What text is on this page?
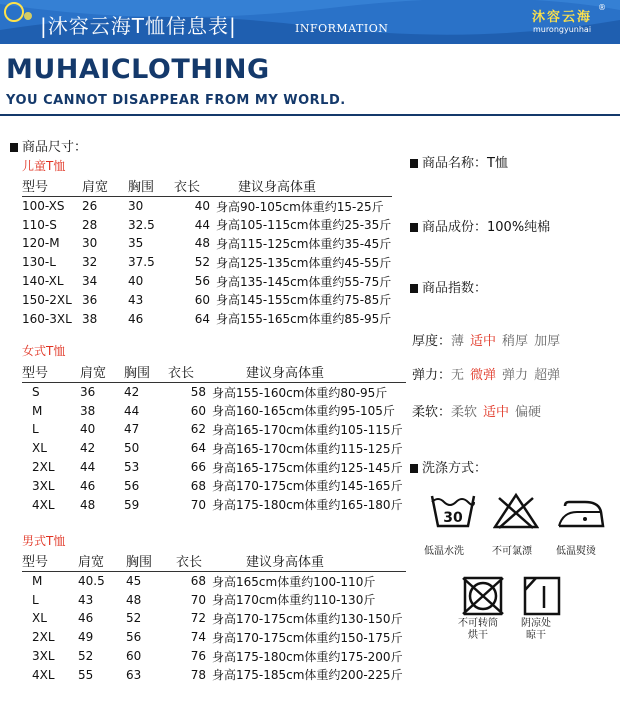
|沐容云海T恤信息表|	INFORMATION
沐容云海
murongyunhai
®
MUHAICLOTHING
YOU CANNOT DISAPPEAR FROM MY WORLD.
商品尺寸：
儿童T恤
型号	肩宽	胸围	衣长	建议身高体重
100-XS	26	30	40	身高90-105cm体重约15-25斤
110-S	28	32.5	44	身高105-115cm体重约25-35斤
120-M	30	35	48	身高115-125cm体重约35-45斤
130-L	32	37.5	52	身高125-135cm体重约45-55斤
140-XL	34	40	56	身高135-145cm体重约55-75斤
150-2XL	36	43	60	身高145-155cm体重约75-85斤
160-3XL	38	46	64	身高155-165cm体重约85-95斤
女式T恤
型号	肩宽	胸围	衣长	建议身高体重
S	36	42	58	身高155-160cm体重约80-95斤
M	38	44	60	身高160-165cm体重约95-105斤
L	40	47	62	身高165-170cm体重约105-115斤
XL	42	50	64	身高165-170cm体重约115-125斤
2XL	44	53	66	身高165-175cm体重约125-145斤
3XL	46	56	68	身高170-175cm体重约145-165斤
4XL	48	59	70	身高175-180cm体重约165-180斤
男式T恤
型号	肩宽	胸围	衣长	建议身高体重
M	40.5	45	68	身高165cm体重约100-110斤
L	43	48	70	身高170cm体重约110-130斤
XL	46	52	72	身高170-175cm体重约130-150斤
2XL	49	56	74	身高170-175cm体重约150-175斤
3XL	52	60	76	身高175-180cm体重约175-200斤
4XL	55	63	78	身高175-185cm体重约200-225斤
商品名称：T恤
商品成份：100%纯棉
商品指数：
厚度：薄 适中 稍厚 加厚
弹力：无 微弹 弹力 超弹
柔软：柔软 适中 偏硬
洗涤方式：
30
低温水洗	不可氯漂 低温熨烫
不可转筒
烘干
阴凉处
晾干
